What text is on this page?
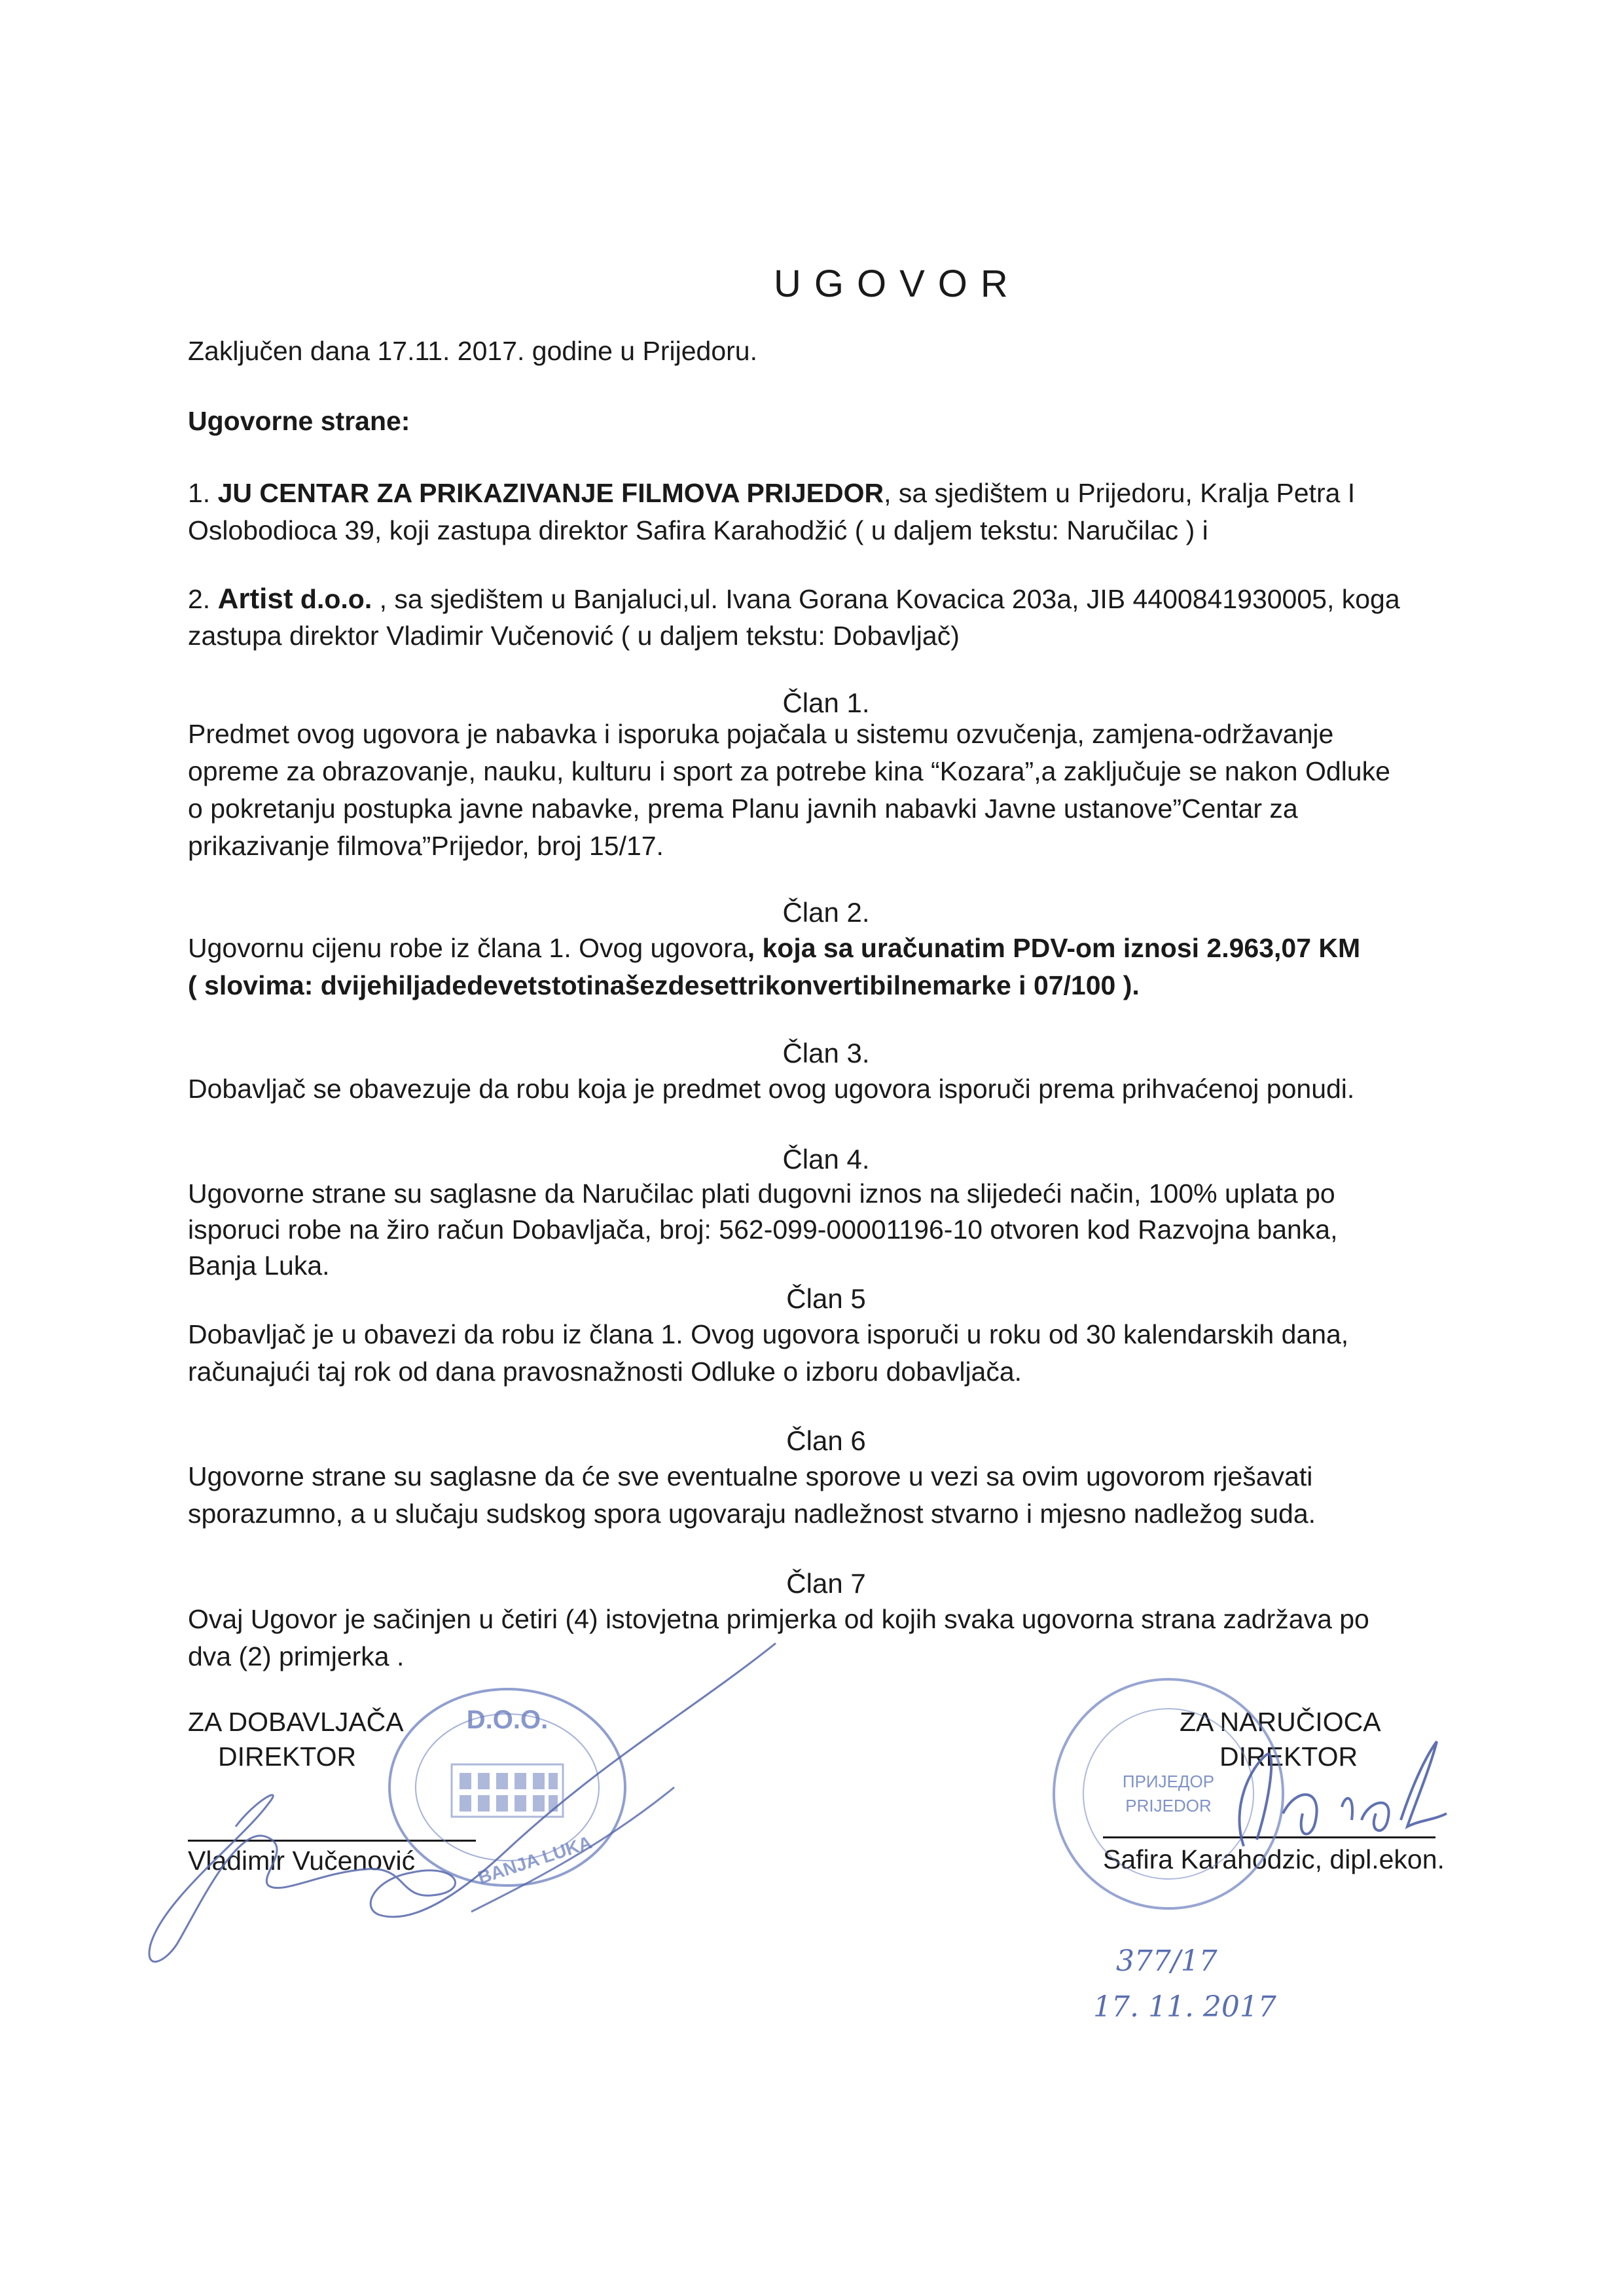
UGOVOR
Zaklјučen dana 17.11. 2017. godine u Prijedoru.
Ugovorne strane:
1. JU CENTAR ZA PRIKAZIVANJE FILMOVA PRIJEDOR, sa sjedištem u Prijedoru, Kralja Petra I
Oslobodioca 39, koji zastupa direktor Safira Karahodžić ( u daljem tekstu: Naručilac ) i
2. Artist d.o.o. , sa sjedištem u Banjaluci,ul. Ivana Gorana Kovacica 203a, JIB 4400841930005, koga
zastupa direktor Vladimir Vučenović ( u daljem tekstu: Dobavljač)
Član 1.
Predmet ovog ugovora je nabavka i isporuka pojačala u sistemu ozvučenja, zamjena-održavanje
opreme za obrazovanje, nauku, kulturu i sport za potrebe kina “Kozara”,a zaključuje se nakon Odluke
o pokretanju postupka javne nabavke, prema Planu javnih nabavki Javne ustanove”Centar za
prikazivanje filmova”Prijedor, broj 15/17.
Član 2.
Ugovornu cijenu robe iz člana 1. Ovog ugovora, koja sa uračunatim PDV-om iznosi 2.963,07 KM
( slovima: dvijehiljadedevetstotinašezdesettrikonvertibilnemarke i 07/100 ).
Član 3.
Dobavljač se obavezuje da robu koja je predmet ovog ugovora isporuči prema prihvaćenoj ponudi.
Član 4.
Ugovorne strane su saglasne da Naručilac plati dugovni iznos na slijedeći način, 100% uplata po
isporuci robe na žiro račun Dobavljača, broj: 562-099-00001196-10 otvoren kod Razvojna banka,
Banja Luka.
Član 5
Dobavljač je u obavezi da robu iz člana 1. Ovog ugovora isporuči u roku od 30 kalendarskih dana,
računajući taj rok od dana pravosnažnosti Odluke o izboru dobavljača.
Član 6
Ugovorne strane su saglasne da će sve eventualne sporove u vezi sa ovim ugovorom rješavati
sporazumno, a u slučaju sudskog spora ugovaraju nadležnost stvarno i mjesno nadležog suda.
Član 7
Ovaj Ugovor je sačinjen u četiri (4) istovjetna primjerka od kojih svaka ugovorna strana zadržava po
dva (2) primjerka .
ZA DOBAVLJAČA
DIREKTOR
Vladimir Vučenović
D.O.O.
BANJA LUKA
ZA NARUČIOCA
DIREKTOR
Safira Karahodzic, dipl.ekon.
ПРИЈЕДОР
PRIJEDOR
377/17
17. 11. 2017
